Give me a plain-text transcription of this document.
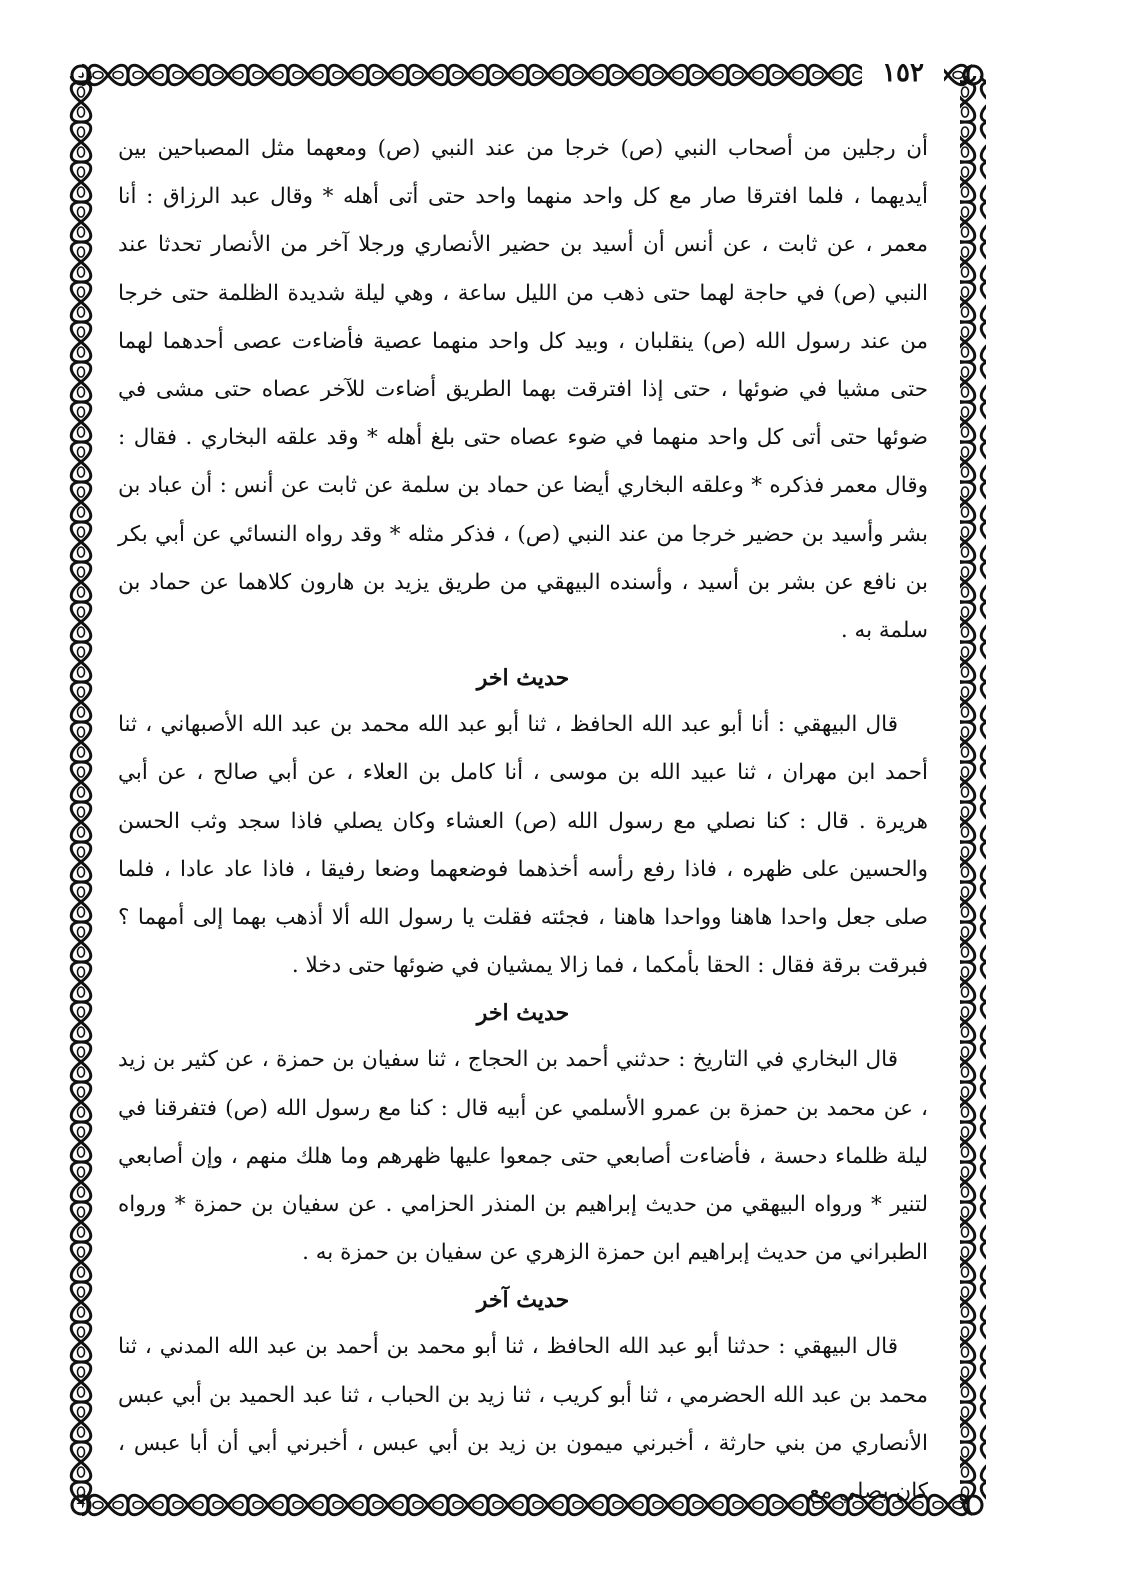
١٥٢

أن رجلين من أصحاب النبي (ص) خرجا من عند النبي (ص) ومعهما مثل المصباحين بين أيديهما ، فلما افترقا صار مع كل واحد منهما واحد حتى أتى أهله * وقال عبد الرزاق : أنا معمر ، عن ثابت ، عن أنس أن أسيد بن حضير الأنصاري ورجلا آخر من الأنصار تحدثا عند النبي (ص) في حاجة لهما حتى ذهب من الليل ساعة ، وهي ليلة شديدة الظلمة حتى خرجا من عند رسول الله (ص) ينقلبان ، وبيد كل واحد منهما عصية فأضاءت عصى أحدهما لهما حتى مشيا في ضوئها ، حتى إذا افترقت بهما الطريق أضاءت للآخر عصاه حتى مشى في ضوئها حتى أتى كل واحد منهما في ضوء عصاه حتى بلغ أهله * وقد علقه البخاري . فقال : وقال معمر فذكره * وعلقه البخاري أيضا عن حماد بن سلمة عن ثابت عن أنس : أن عباد بن بشر وأسيد بن حضير خرجا من عند النبي (ص) ، فذكر مثله * وقد رواه النسائي عن أبي بكر بن نافع عن بشر بن أسيد ، وأسنده البيهقي من طريق يزيد بن هارون كلاهما عن حماد بن سلمة به .

حديث اخر

قال البيهقي : أنا أبو عبد الله الحافظ ، ثنا أبو عبد الله محمد بن عبد الله الأصبهاني ، ثنا أحمد ابن مهران ، ثنا عبيد الله بن موسى ، أنا كامل بن العلاء ، عن أبي صالح ، عن أبي هريرة . قال : كنا نصلي مع رسول الله (ص) العشاء وكان يصلي فاذا سجد وثب الحسن والحسين على ظهره ، فاذا رفع رأسه أخذهما فوضعهما وضعا رفيقا ، فاذا عاد عادا ، فلما صلى جعل واحدا هاهنا وواحدا هاهنا ، فجئته فقلت يا رسول الله ألا أذهب بهما إلى أمهما ؟ فبرقت برقة فقال : الحقا بأمكما ، فما زالا يمشيان في ضوئها حتى دخلا .

حديث اخر

قال البخاري في التاريخ : حدثني أحمد بن الحجاج ، ثنا سفيان بن حمزة ، عن كثير بن زيد ، عن محمد بن حمزة بن عمرو الأسلمي عن أبيه قال : كنا مع رسول الله (ص) فتفرقنا في ليلة ظلماء دحسة ، فأضاءت أصابعي حتى جمعوا عليها ظهرهم وما هلك منهم ، وإن أصابعي لتنير * ورواه البيهقي من حديث إبراهيم بن المنذر الحزامي . عن سفيان بن حمزة * ورواه الطبراني من حديث إبراهيم ابن حمزة الزهري عن سفيان بن حمزة به .

حديث آخر

قال البيهقي : حدثنا أبو عبد الله الحافظ ، ثنا أبو محمد بن أحمد بن عبد الله المدني ، ثنا محمد بن عبد الله الحضرمي ، ثنا أبو كريب ، ثنا زيد بن الحباب ، ثنا عبد الحميد بن أبي عبس الأنصاري من بني حارثة ، أخبرني ميمون بن زيد بن أبي عبس ، أخبرني أبي أن أبا عبس ، كان يصلي مع
